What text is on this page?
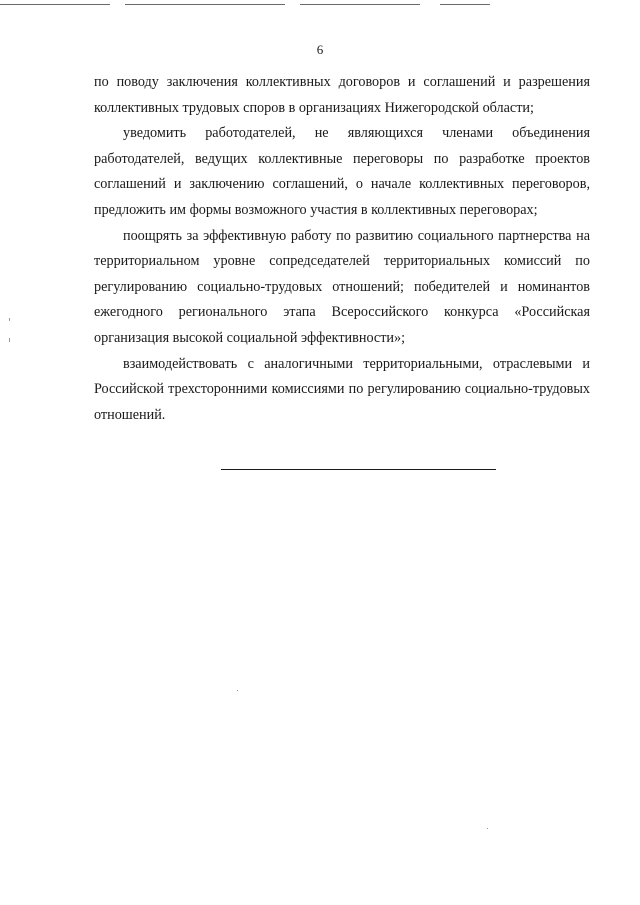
6

по поводу заключения коллективных договоров и соглашений и разрешения коллективных трудовых споров в организациях Нижегородской области;

уведомить работодателей, не являющихся членами объединения работодателей, ведущих коллективные переговоры по разработке проектов соглашений и заключению соглашений, о начале коллективных переговоров, предложить им формы возможного участия в коллективных переговорах;

поощрять за эффективную работу по развитию социального партнерства на территориальном уровне сопредседателей территориальных комиссий по регулированию социально-трудовых отношений; победителей и номинантов ежегодного регионального этапа Всероссийского конкурса «Российская организация высокой социальной эффективности»;

взаимодействовать с аналогичными территориальными, отраслевыми и Российской трехсторонними комиссиями по регулированию социально-трудовых отношений.
